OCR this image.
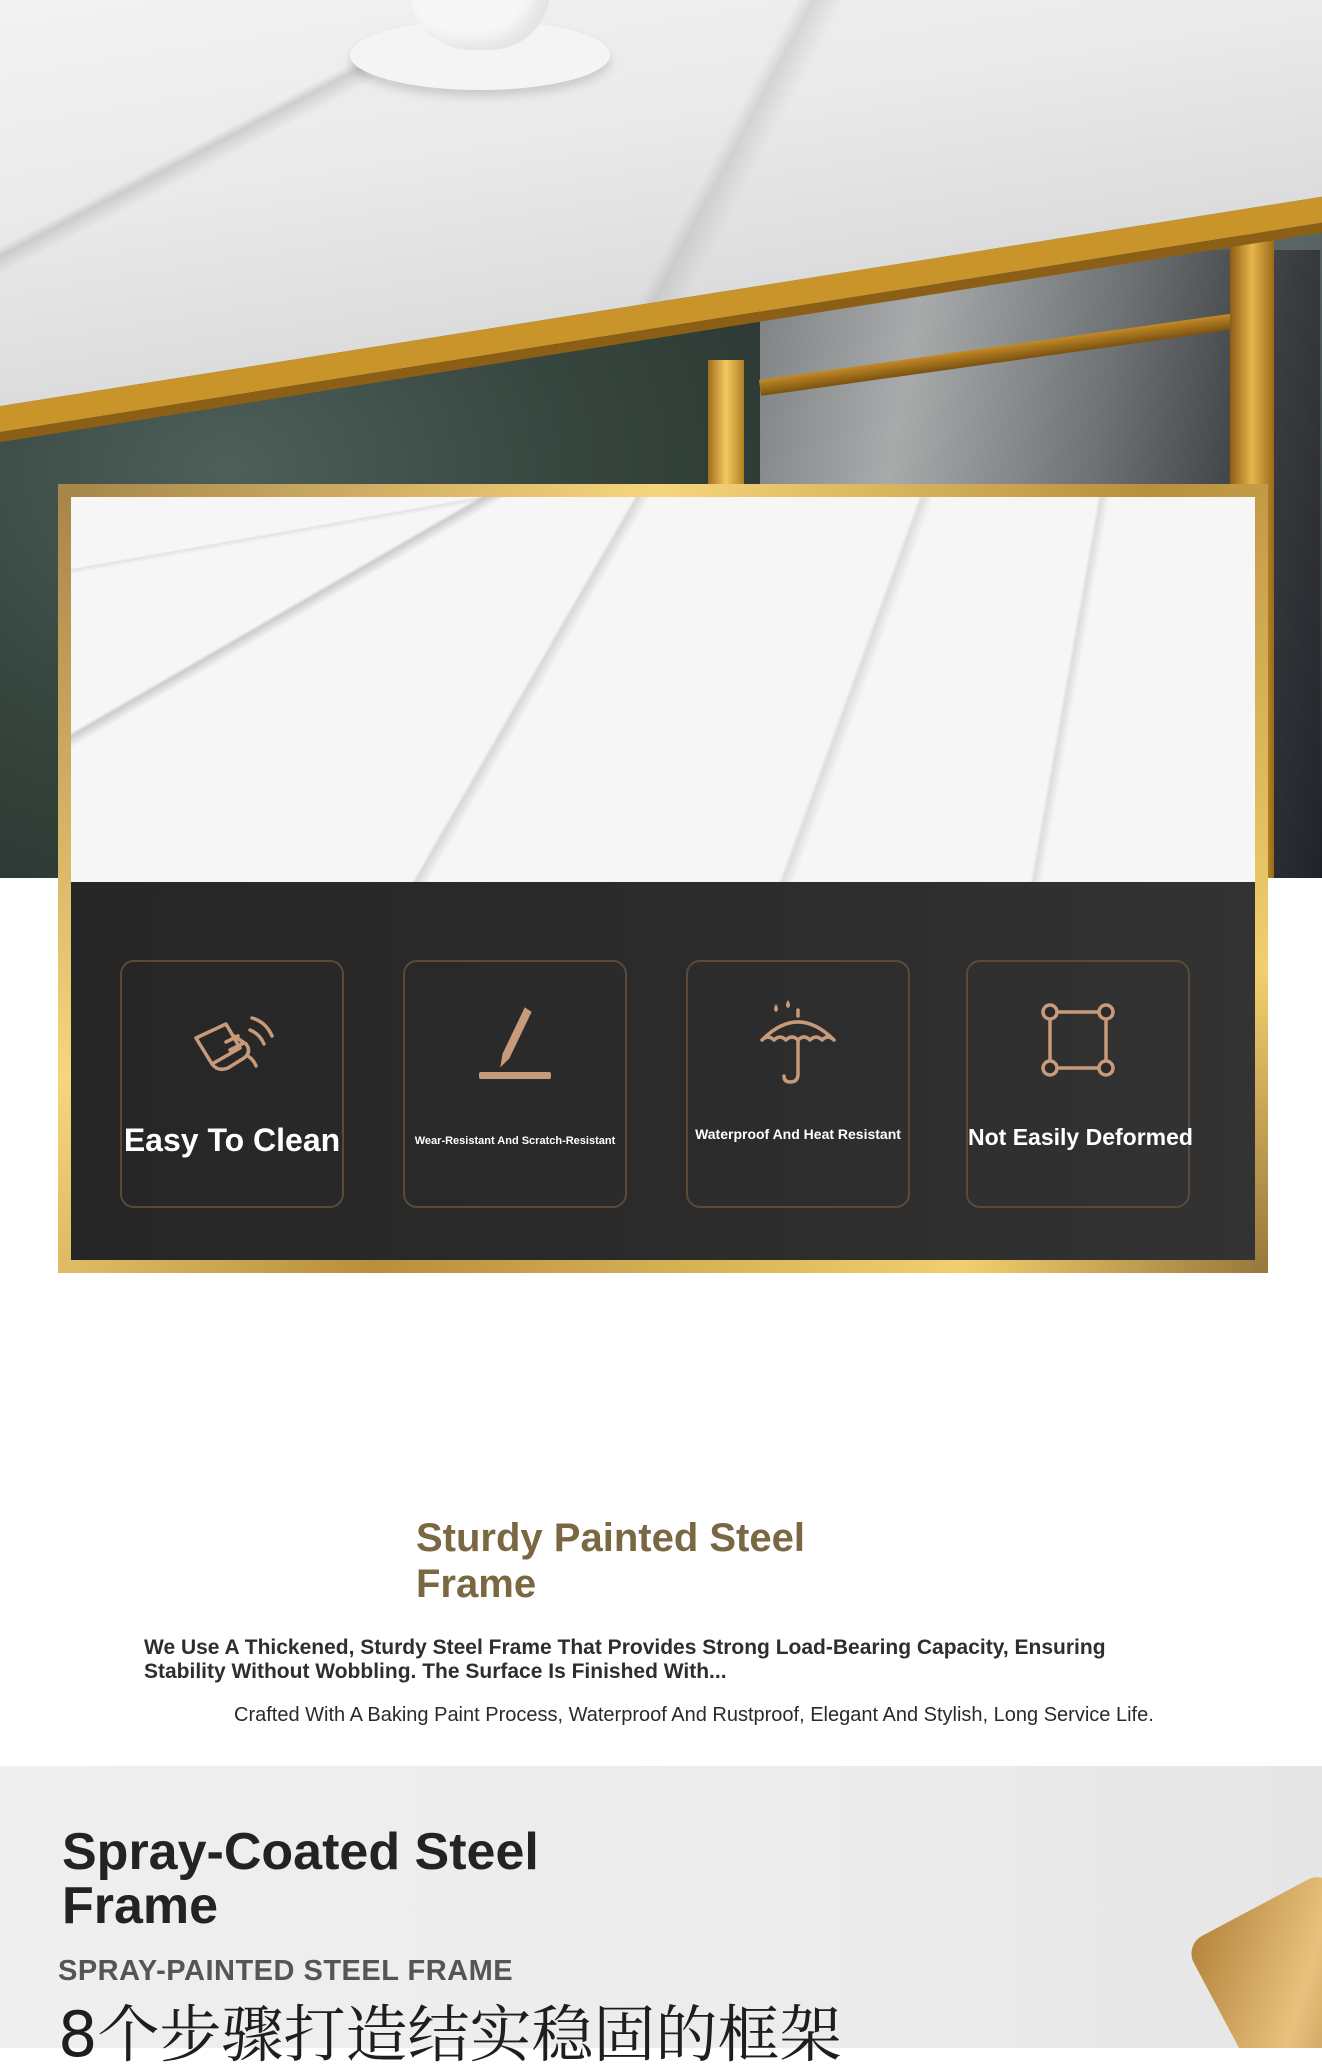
Easy To Clean	Wear-Resistant And Scratch-Resistant	Waterproof And Heat Resistant	Not Easily Deformed
Sturdy Painted Steel Frame

We Use A Thickened, Sturdy Steel Frame That Provides Strong Load-Bearing Capacity, Ensuring Stability Without Wobbling. The Surface Is Finished With...

Crafted With A Baking Paint Process, Waterproof And Rustproof, Elegant And Stylish, Long Service Life.

Spray-Coated Steel Frame

SPRAY-PAINTED STEEL FRAME

8个步骤打造结实稳固的框架
